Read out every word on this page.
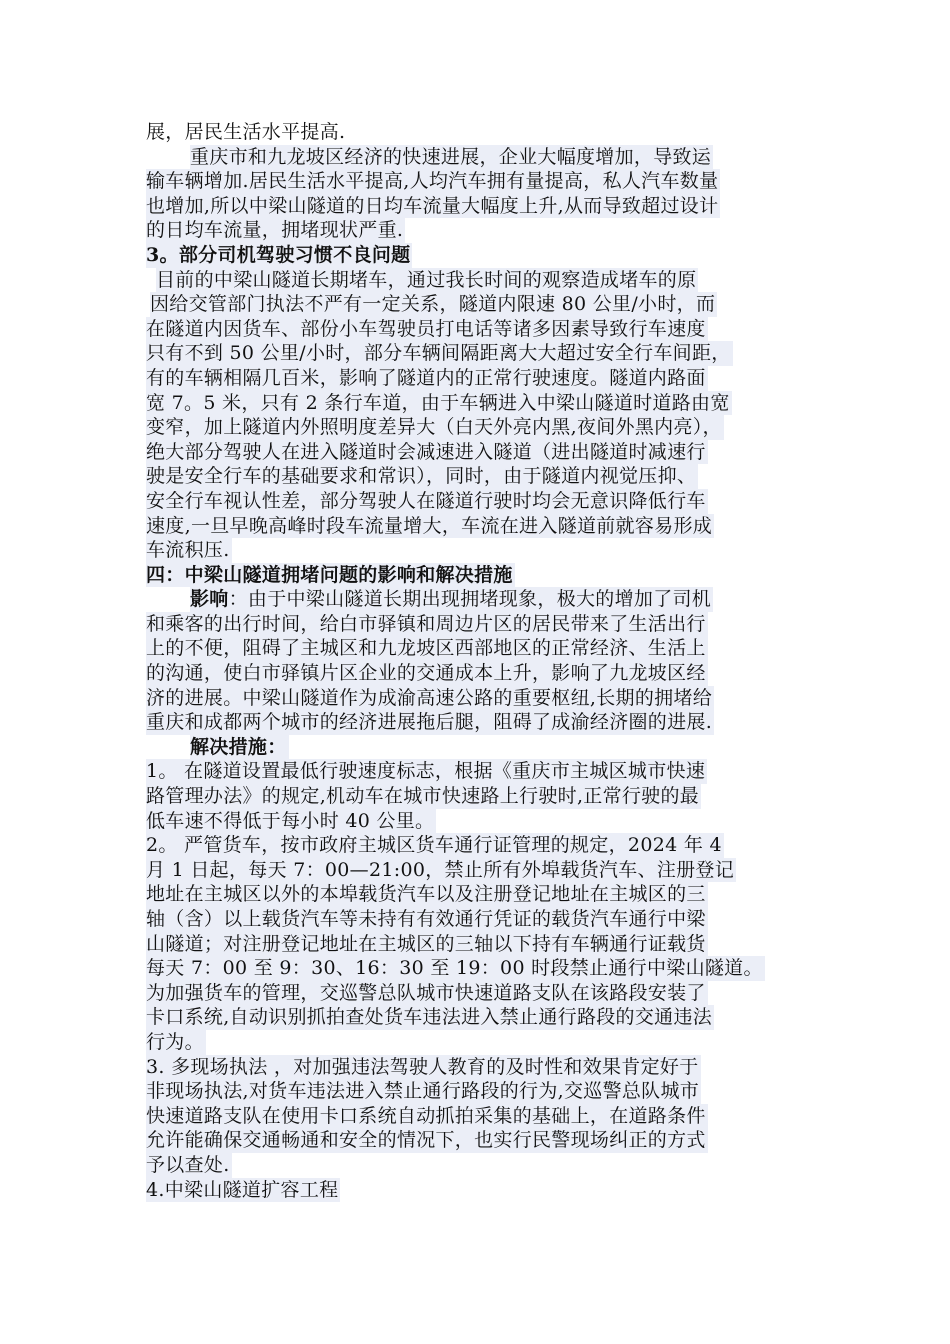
展，居民生活水平提高.
重庆市和九龙坡区经济的快速进展，企业大幅度增加，导致运
输车辆增加.居民生活水平提高,人均汽车拥有量提高，私人汽车数量
也增加,所以中梁山隧道的日均车流量大幅度上升,从而导致超过设计
的日均车流量，拥堵现状严重.
3。部分司机驾驶习惯不良问题
目前的中梁山隧道长期堵车，通过我长时间的观察造成堵车的原
因给交管部门执法不严有一定关系，隧道内限速 80 公里/小时，而
在隧道内因货车、部份小车驾驶员打电话等诸多因素导致行车速度
只有不到 50 公里/小时，部分车辆间隔距离大大超过安全行车间距，
有的车辆相隔几百米，影响了隧道内的正常行驶速度。隧道内路面
宽 7。5 米，只有 2 条行车道，由于车辆进入中梁山隧道时道路由宽
变窄，加上隧道内外照明度差异大（白天外亮内黑,夜间外黑内亮），
绝大部分驾驶人在进入隧道时会减速进入隧道（进出隧道时减速行
驶是安全行车的基础要求和常识），同时，由于隧道内视觉压抑、
安全行车视认性差，部分驾驶人在隧道行驶时均会无意识降低行车
速度,一旦早晚高峰时段车流量增大，车流在进入隧道前就容易形成
车流积压.
四：中梁山隧道拥堵问题的影响和解决措施
影响：由于中梁山隧道长期出现拥堵现象，极大的增加了司机
和乘客的出行时间，给白市驿镇和周边片区的居民带来了生活出行
上的不便，阻碍了主城区和九龙坡区西部地区的正常经济、生活上
的沟通，使白市驿镇片区企业的交通成本上升，影响了九龙坡区经
济的进展。中梁山隧道作为成渝高速公路的重要枢纽,长期的拥堵给
重庆和成都两个城市的经济进展拖后腿，阻碍了成渝经济圈的进展.
解决措施：
1。 在隧道设置最低行驶速度标志，根据《重庆市主城区城市快速
路管理办法》的规定,机动车在城市快速路上行驶时,正常行驶的最
低车速不得低于每小时 40 公里。
2。 严管货车，按市政府主城区货车通行证管理的规定，2024 年 4
月 1 日起，每天 7：00—21:00，禁止所有外埠载货汽车、注册登记
地址在主城区以外的本埠载货汽车以及注册登记地址在主城区的三
轴（含）以上载货汽车等未持有有效通行凭证的载货汽车通行中梁
山隧道；对注册登记地址在主城区的三轴以下持有车辆通行证载货
每天 7：00 至 9：30、16：30 至 19：00 时段禁止通行中梁山隧道。
为加强货车的管理，交巡警总队城市快速道路支队在该路段安装了
卡口系统,自动识别抓拍查处货车违法进入禁止通行路段的交通违法
行为。
3. 多现场执法 ，对加强违法驾驶人教育的及时性和效果肯定好于
非现场执法,对货车违法进入禁止通行路段的行为,交巡警总队城市
快速道路支队在使用卡口系统自动抓拍采集的基础上，在道路条件
允许能确保交通畅通和安全的情况下，也实行民警现场纠正的方式
予以查处.
4.中梁山隧道扩容工程
